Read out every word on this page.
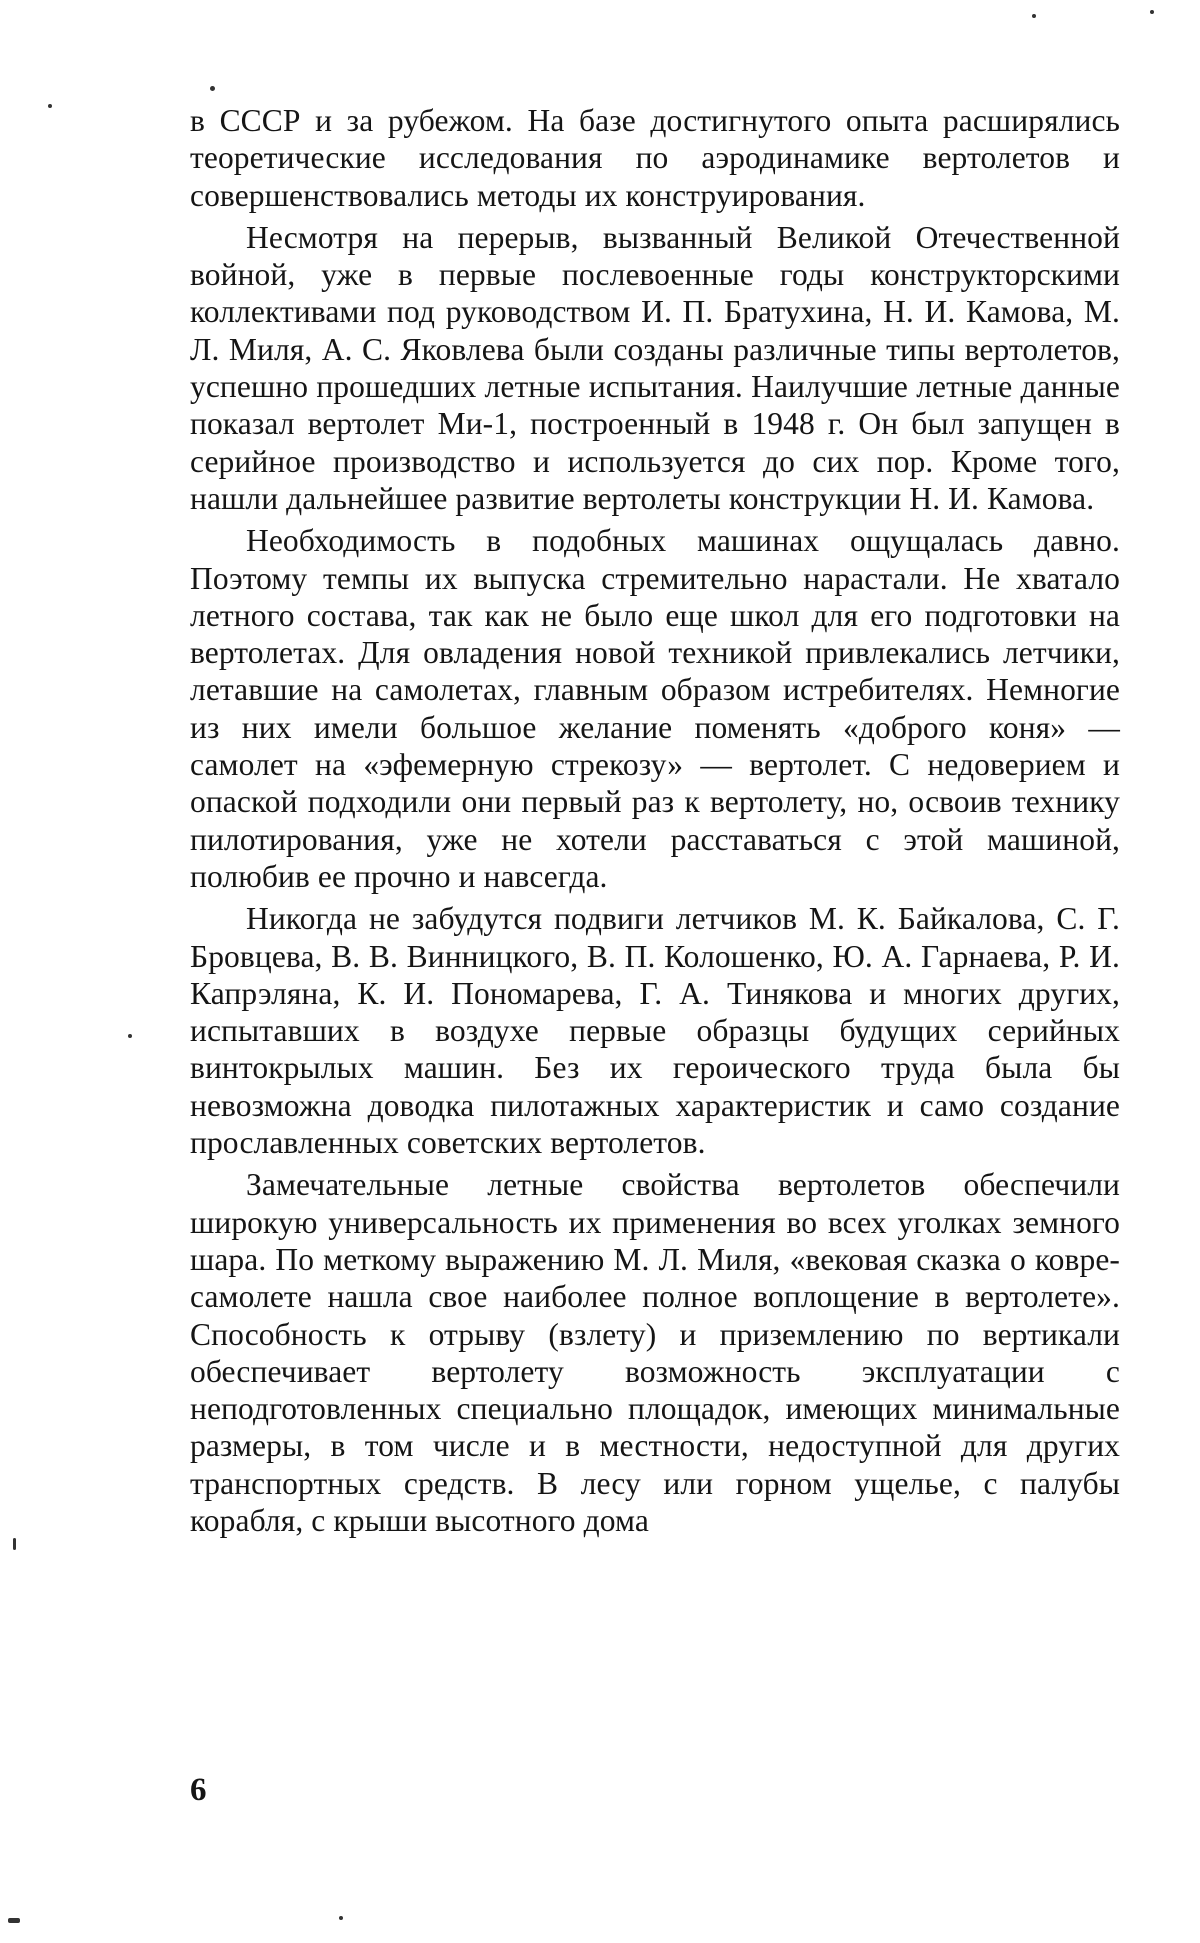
в СССР и за рубежом. На базе достигнутого опыта расширялись теоретические исследования по аэродинамике вертолетов и совершенствовались методы их конструирования.

Несмотря на перерыв, вызванный Великой Отечественной войной, уже в первые послевоенные годы конструкторскими коллективами под руководством И. П. Братухина, Н. И. Камова, М. Л. Миля, А. С. Яковлева были созданы различные типы вертолетов, успешно прошедших летные испытания. Наилучшие летные данные показал вертолет Ми-1, построенный в 1948 г. Он был запущен в серийное производство и используется до сих пор. Кроме того, нашли дальнейшее развитие вертолеты конструкции Н. И. Камова.

Необходимость в подобных машинах ощущалась давно. Поэтому темпы их выпуска стремительно нарастали. Не хватало летного состава, так как не было еще школ для его подготовки на вертолетах. Для овладения новой техникой привлекались летчики, летавшие на самолетах, главным образом истребителях. Немногие из них имели большое желание поменять «доброго коня» — самолет на «эфемерную стрекозу» — вертолет. С недоверием и опаской подходили они первый раз к вертолету, но, освоив технику пилотирования, уже не хотели расставаться с этой машиной, полюбив ее прочно и навсегда.

Никогда не забудутся подвиги летчиков М. К. Байкалова, С. Г. Бровцева, В. В. Винницкого, В. П. Колошенко, Ю. А. Гарнаева, Р. И. Капрэляна, К. И. Пономарева, Г. А. Тинякова и многих других, испытавших в воздухе первые образцы будущих серийных винтокрылых машин. Без их героического труда была бы невозможна доводка пилотажных характеристик и само создание прославленных советских вертолетов.

Замечательные летные свойства вертолетов обеспечили широкую универсальность их применения во всех уголках земного шара. По меткому выражению М. Л. Миля, «вековая сказка о ковре-самолете нашла свое наиболее полное воплощение в вертолете». Способность к отрыву (взлету) и приземлению по вертикали обеспечивает вертолету возможность эксплуатации с неподготовленных специально площадок, имеющих минимальные размеры, в том числе и в местности, недоступной для других транспортных средств. В лесу или горном ущелье, с палубы корабля, с крыши высотного дома

6
